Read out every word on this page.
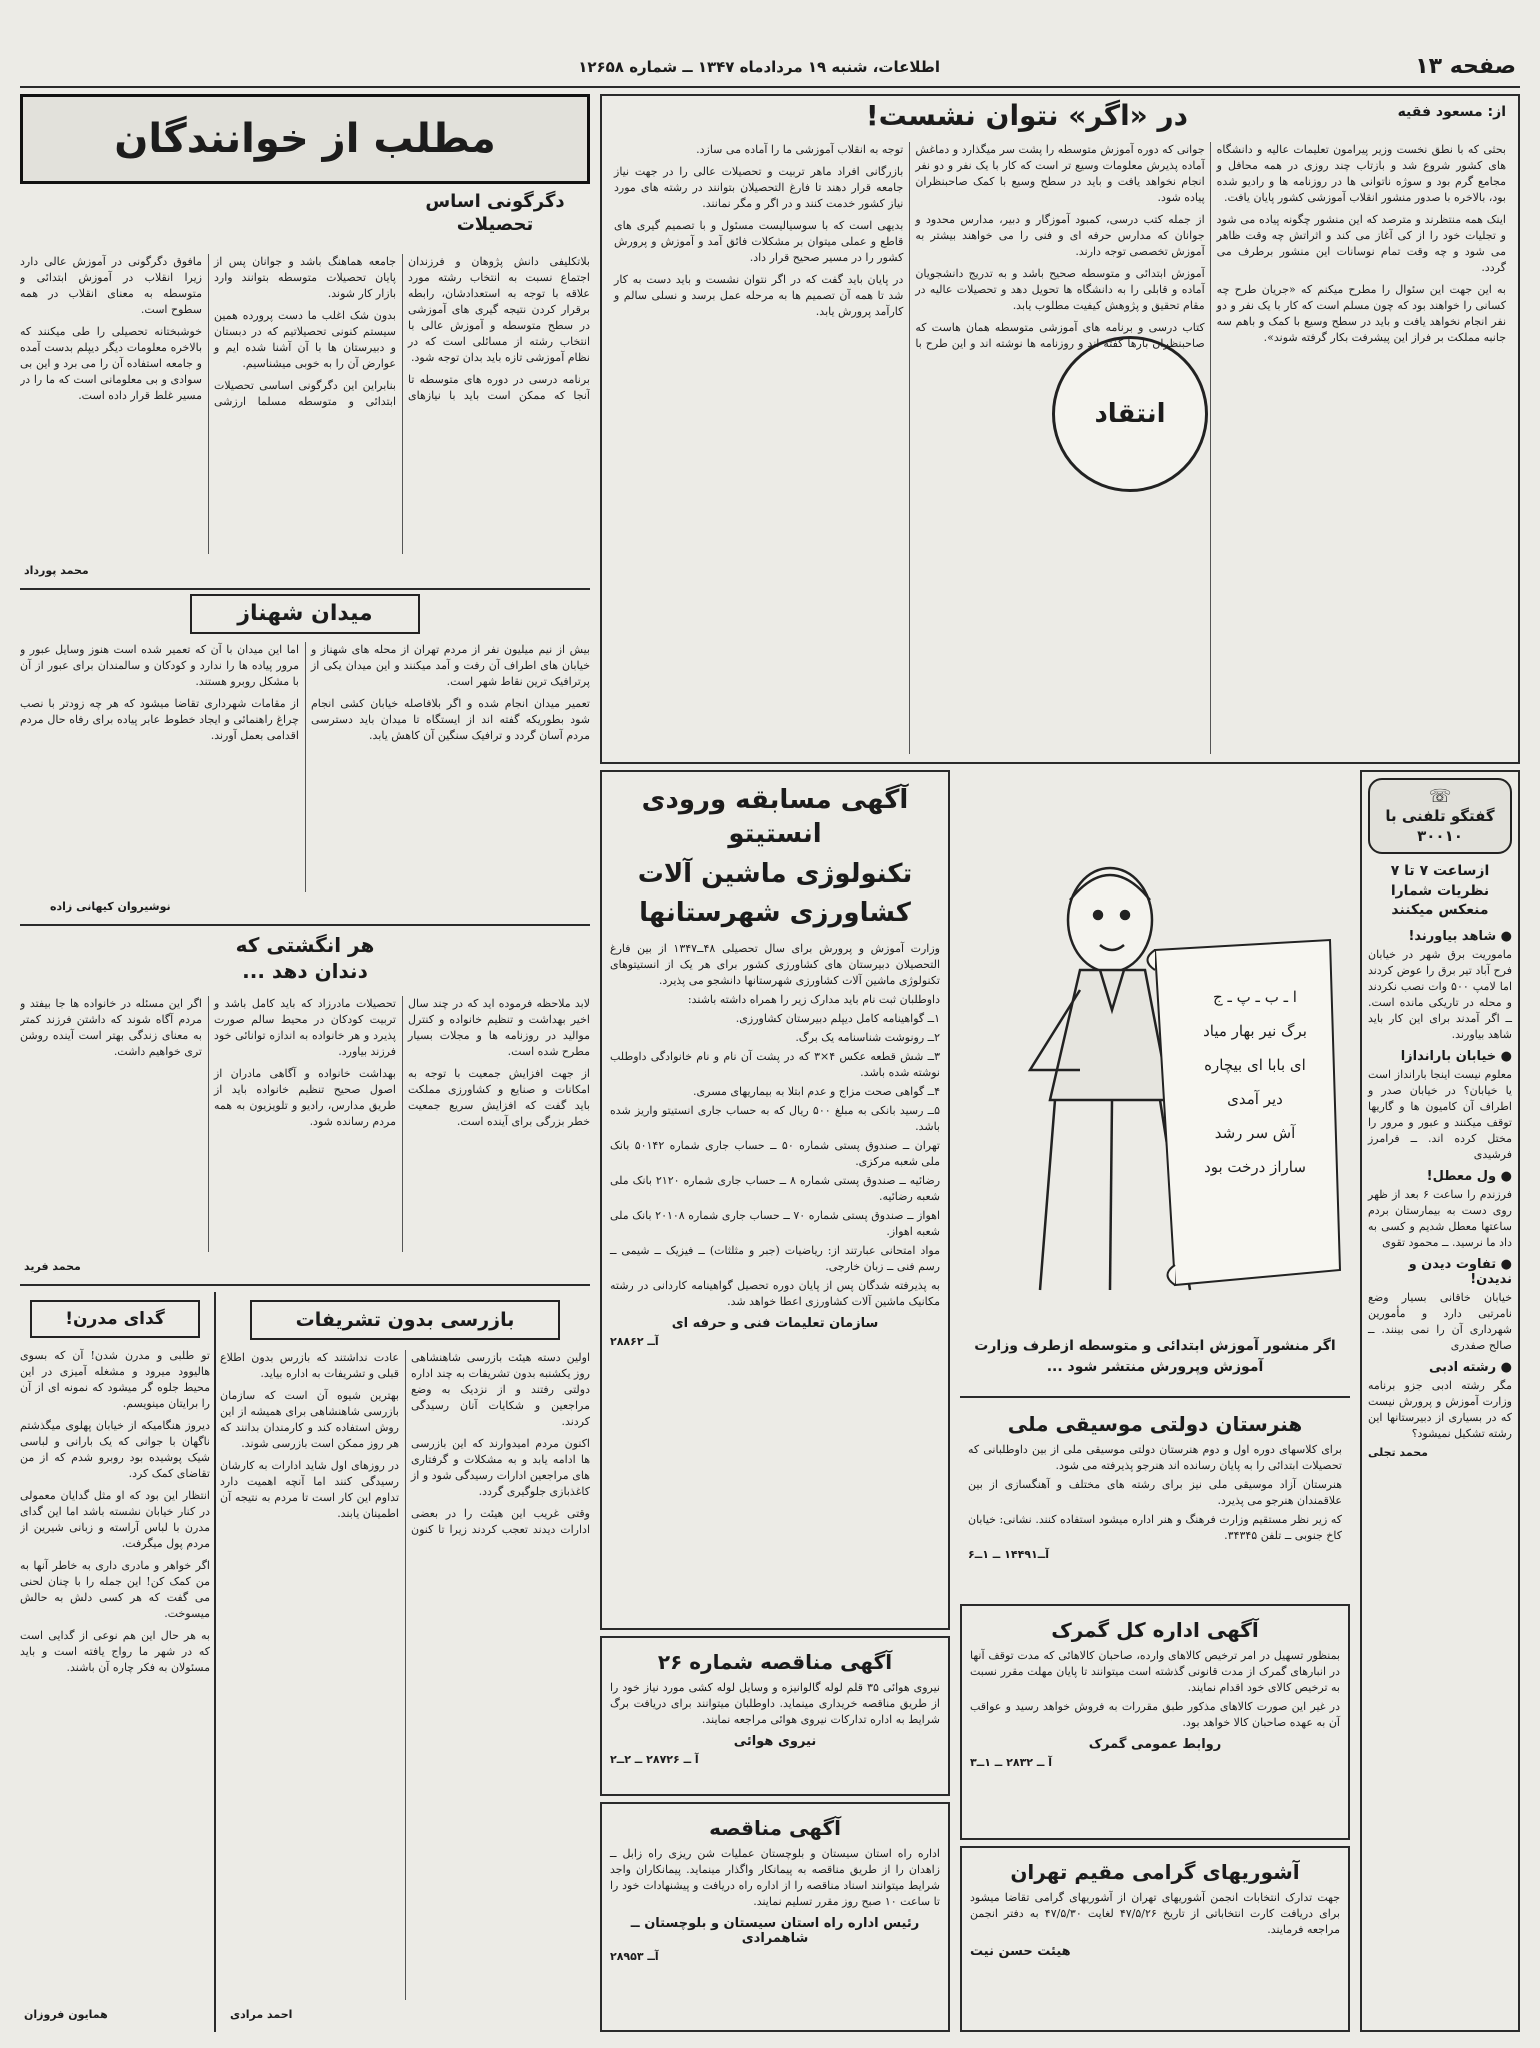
صفحه ۱۳
اطلاعات، شنبه ۱۹ مردادماه ۱۳۴۷ ــ شماره ۱۲۶۵۸
از: مسعود فقیه
در «اگر» نتوان نشست!
انتقاد

بحثی که با نطق نخست وزیر پیرامون تعلیمات عالیه و دانشگاه های کشور شروع شد و بازتاب چند روزی در همه محافل و مجامع گرم بود و سوژه ناتوانی ها در روزنامه ها و رادیو شده بود، بالاخره با صدور منشور انقلاب آموزشی کشور پایان یافت.

اینک همه منتظرند و مترصد که این منشور چگونه پیاده می شود و تجلیات خود را از کی آغاز می کند و اثراتش چه وقت ظاهر می شود و چه وقت تمام نوسانات این منشور برطرف می گردد.

به این جهت این سئوال را مطرح میکنم که «جریان طرح چه کسانی را خواهند بود که چون مسلم است که کار با یک نفر و دو نفر انجام نخواهد یافت و باید در سطح وسیع با کمک و باهم سه جانبه مملکت بر فراز این پیشرفت بکار گرفته شوند».

جوانی که دوره آموزش متوسطه را پشت سر میگذارد و دماغش آماده پذیرش معلومات وسیع تر است که کار با یک نفر و دو نفر انجام نخواهد یافت و باید در سطح وسیع با کمک صاحبنظران پیاده شود.

از جمله کتب درسی، کمبود آموزگار و دبیر، مدارس محدود و جوانان که مدارس حرفه ای و فنی را می خواهند بیشتر به آموزش تخصصی توجه دارند.

آموزش ابتدائی و متوسطه صحیح باشد و به تدریج دانشجویان آماده و قابلی را به دانشگاه ها تحویل دهد و تحصیلات عالیه در مقام تحقیق و پژوهش کیفیت مطلوب یابد.

کتاب درسی و برنامه های آموزشی متوسطه همان هاست که صاحبنظران بارها گفته اند و روزنامه ها نوشته اند و این طرح با توجه به انقلاب آموزشی ما را آماده می سازد.

بازرگانی افراد ماهر تربیت و تحصیلات عالی را در جهت نیاز جامعه قرار دهند تا فارغ التحصیلان بتوانند در رشته های مورد نیاز کشور خدمت کنند و در اگر و مگر نمانند.

بدیهی است که با سوسیالیست مسئول و با تصمیم گیری های قاطع و عملی میتوان بر مشکلات فائق آمد و آموزش و پرورش کشور را در مسیر صحیح قرار داد.

در پایان باید گفت که در اگر نتوان نشست و باید دست به کار شد تا همه آن تصمیم ها به مرحله عمل برسد و نسلی سالم و کارآمد پرورش یابد.

مطلب از خوانندگان
دگرگونی اساس تحصیلات

بلاتکلیفی دانش پژوهان و فرزندان اجتماع نسبت به انتخاب رشته مورد علاقه با توجه به استعدادشان، رابطه برقرار کردن نتیجه گیری های آموزشی در سطح متوسطه و آموزش عالی با انتخاب رشته از مسائلی است که در نظام آموزشی تازه باید بدان توجه شود.

برنامه درسی در دوره های متوسطه تا آنجا که ممکن است باید با نیازهای جامعه هماهنگ باشد و جوانان پس از پایان تحصیلات متوسطه بتوانند وارد بازار کار شوند.

بدون شک اغلب ما دست پرورده همین سیستم کنونی تحصیلاتیم که در دبستان و دبیرستان ها با آن آشنا شده ایم و عوارض آن را به خوبی میشناسیم.

بنابراین این دگرگونی اساسی تحصیلات ابتدائی و متوسطه مسلما ارزشی مافوق دگرگونی در آموزش عالی دارد زیرا انقلاب در آموزش ابتدائی و متوسطه به معنای انقلاب در همه سطوح است.

خوشبختانه تحصیلی را طی میکنند که بالاخره معلومات دیگر دیپلم بدست آمده و جامعه استفاده آن را می برد و این بی سوادی و بی معلومانی است که ما را در مسیر غلط قرار داده است.

محمد پورداد
میدان شهناز

بیش از نیم میلیون نفر از مردم تهران از محله های شهناز و خیابان های اطراف آن رفت و آمد میکنند و این میدان یکی از پرترافیک ترین نقاط شهر است.

تعمیر میدان انجام شده و اگر بلافاصله خیابان کشی انجام شود بطوریکه گفته اند از ایستگاه تا میدان باید دسترسی مردم آسان گردد و ترافیک سنگین آن کاهش یابد.

اما این میدان با آن که تعمیر شده است هنوز وسایل عبور و مرور پیاده ها را ندارد و کودکان و سالمندان برای عبور از آن با مشکل روبرو هستند.

از مقامات شهرداری تقاضا میشود که هر چه زودتر با نصب چراغ راهنمائی و ایجاد خطوط عابر پیاده برای رفاه حال مردم اقدامی بعمل آورند.

نوشیروان کیهانی زاده
هر انگشتی که دندان دهد ...

لابد ملاحظه فرموده اید که در چند سال اخیر بهداشت و تنظیم خانواده و کنترل موالید در روزنامه ها و مجلات بسیار مطرح شده است.

از جهت افزایش جمعیت با توجه به امکانات و صنایع و کشاورزی مملکت باید گفت که افزایش سریع جمعیت خطر بزرگی برای آینده است.

تحصیلات مادرزاد که باید کامل باشد و تربیت کودکان در محیط سالم صورت پذیرد و هر خانواده به اندازه توانائی خود فرزند بیاورد.

بهداشت خانواده و آگاهی مادران از اصول صحیح تنظیم خانواده باید از طریق مدارس، رادیو و تلویزیون به همه مردم رسانده شود.

اگر این مسئله در خانواده ها جا بیفتد و مردم آگاه شوند که داشتن فرزند کمتر به معنای زندگی بهتر است آینده روشن تری خواهیم داشت.

محمد فرید
بازرسی بدون تشریفات

اولین دسته هیئت بازرسی شاهنشاهی روز یکشنبه بدون تشریفات به چند اداره دولتی رفتند و از نزدیک به وضع مراجعین و شکایات آنان رسیدگی کردند.

اکنون مردم امیدوارند که این بازرسی ها ادامه یابد و به مشکلات و گرفتاری های مراجعین ادارات رسیدگی شود و از کاغذبازی جلوگیری گردد.

وقتی غریب این هیئت را در بعضی ادارات دیدند تعجب کردند زیرا تا کنون عادت نداشتند که بازرس بدون اطلاع قبلی و تشریفات به اداره بیاید.

بهترین شیوه آن است که سازمان بازرسی شاهنشاهی برای همیشه از این روش استفاده کند و کارمندان بدانند که هر روز ممکن است بازرسی شوند.

در روزهای اول شاید ادارات به کارشان رسیدگی کنند اما آنچه اهمیت دارد تداوم این کار است تا مردم به نتیجه آن اطمینان یابند.

احمد مرادی
گدای مدرن!

تو طلبی و مدرن شدن! آن که بسوی هالیوود میرود و مشغله آمیزی در این محیط جلوه گر میشود که نمونه ای از آن را برایتان مینویسم.

دیروز هنگامیکه از خیابان پهلوی میگذشتم ناگهان با جوانی که یک بارانی و لباسی شیک پوشیده بود روبرو شدم که از من تقاضای کمک کرد.

انتظار این بود که او مثل گدایان معمولی در کنار خیابان نشسته باشد اما این گدای مدرن با لباس آراسته و زبانی شیرین از مردم پول میگرفت.

اگر خواهر و مادری داری به خاطر آنها به من کمک کن! این جمله را با چنان لحنی می گفت که هر کسی دلش به حالش میسوخت.

به هر حال این هم نوعی از گدایی است که در شهر ما رواج یافته است و باید مسئولان به فکر چاره آن باشند.

همایون فروزان
آگهی مسابقه ورودی انستیتو
تکنولوژی ماشین آلات
کشاورزی شهرستانها

وزارت آموزش و پرورش برای سال تحصیلی ۴۸ــ۱۳۴۷ از بین فارغ التحصیلان دبیرستان های کشاورزی کشور برای هر یک از انستیتوهای تکنولوژی ماشین آلات کشاورزی شهرستانها دانشجو می پذیرد.

داوطلبان ثبت نام باید مدارک زیر را همراه داشته باشند:

۱ــ گواهینامه کامل دیپلم دبیرستان کشاورزی.

۲ــ رونوشت شناسنامه یک برگ.

۳ــ شش قطعه عکس ۴×۳ که در پشت آن نام و نام خانوادگی داوطلب نوشته شده باشد.

۴ــ گواهی صحت مزاج و عدم ابتلا به بیماریهای مسری.

۵ــ رسید بانکی به مبلغ ۵۰۰ ریال که به حساب جاری انستیتو واریز شده باشد.

تهران ــ صندوق پستی شماره ۵۰ ــ حساب جاری شماره ۵۰۱۴۲ بانک ملی شعبه مرکزی.

رضائیه ــ صندوق پستی شماره ۸ ــ حساب جاری شماره ۲۱۲۰ بانک ملی شعبه رضائیه.

اهواز ــ صندوق پستی شماره ۷۰ ــ حساب جاری شماره ۲۰۱۰۸ بانک ملی شعبه اهواز.

مواد امتحانی عبارتند از: ریاضیات (جبر و مثلثات) ــ فیزیک ــ شیمی ــ رسم فنی ــ زبان خارجی.

به پذیرفته شدگان پس از پایان دوره تحصیل گواهینامه کاردانی در رشته مکانیک ماشین آلات کشاورزی اعطا خواهد شد.

سازمان تعلیمات فنی و حرفه ای
آــ ۲۸۸۶۲
آگهی مناقصه شماره ۲۶

نیروی هوائی ۳۵ قلم لوله گالوانیزه و وسایل لوله کشی مورد نیاز خود را از طریق مناقصه خریداری مینماید. داوطلبان میتوانند برای دریافت برگ شرایط به اداره تدارکات نیروی هوائی مراجعه نمایند.

نیروی هوائی
آ ــ ۲۸۷۲۶ ــ ۲ــ۲
آگهی مناقصه

اداره راه استان سیستان و بلوچستان عملیات شن ریزی راه زابل ــ زاهدان را از طریق مناقصه به پیمانکار واگذار مینماید. پیمانکاران واجد شرایط میتوانند اسناد مناقصه را از اداره راه دریافت و پیشنهادات خود را تا ساعت ۱۰ صبح روز مقرر تسلیم نمایند.

رئیس اداره راه استان سیستان و بلوچستان ــ شاهمرادی
آــ ۲۸۹۵۳
ا ـ ب ـ پ ـ ج
برگ نیر بهار میاد
ای بابا ای بیچاره
دیر آمدی
آش سر رشد
ساراز درخت بود
اگر منشور آموزش ابتدائی و متوسطه ازطرف وزارت آموزش وپرورش منتشر شود ...
هنرستان دولتی موسیقی ملی

برای کلاسهای دوره اول و دوم هنرستان دولتی موسیقی ملی از بین داوطلبانی که تحصیلات ابتدائی را به پایان رسانده اند هنرجو پذیرفته می شود.

هنرستان آزاد موسیقی ملی نیز برای رشته های مختلف و آهنگسازی از بین علاقمندان هنرجو می پذیرد.

که زیر نظر مستقیم وزارت فرهنگ و هنر اداره میشود استفاده کنند. نشانی: خیابان کاخ جنوبی ــ تلفن ۳۴۳۴۵.

آــ۱۴۴۹۱ ــ ۱ــ۶
آگهی اداره کل گمرک

بمنظور تسهیل در امر ترخیص کالاهای وارده، صاحبان کالاهائی که مدت توقف آنها در انبارهای گمرک از مدت قانونی گذشته است میتوانند تا پایان مهلت مقرر نسبت به ترخیص کالای خود اقدام نمایند.

در غیر این صورت کالاهای مذکور طبق مقررات به فروش خواهد رسید و عواقب آن به عهده صاحبان کالا خواهد بود.

روابط عمومی گمرک
آ ــ ۲۸۳۲ ــ ۱ــ۳
آشوریهای گرامی مقیم تهران

جهت تدارک انتخابات انجمن آشوریهای تهران از آشوریهای گرامی تقاضا میشود برای دریافت کارت انتخاباتی از تاریخ ۴۷/۵/۲۶ لغایت ۴۷/۵/۳۰ به دفتر انجمن مراجعه فرمایند.

هیئت حسن نیت
☏
گفتگو تلفنی با ۳۰۰۱۰
ازساعت ۷ تا ۷ نظریات شمارا منعکس میکنند
● شاهد بیاورند!

ماموریت برق شهر در خیابان فرح آباد تیر برق را عوض کردند اما لامپ ۵۰۰ وات نصب نکردند و محله در تاریکی مانده است. ــ اگر آمدند برای این کار باید شاهد بیاورند.

● خیابان باراندازا

معلوم نیست اینجا بارانداز است یا خیابان؟ در خیابان صدر و اطراف آن کامیون ها و گاریها توقف میکنند و عبور و مرور را مختل کرده اند. ــ فرامرز فرشیدی

● ول معطل!

فرزندم را ساعت ۶ بعد از ظهر روی دست به بیمارستان بردم ساعتها معطل شدیم و کسی به داد ما نرسید. ــ محمود تقوی

● تفاوت دیدن و ندیدن!

خیابان خاقانی بسیار وضع نامرتبی دارد و مأمورین شهرداری آن را نمی بینند. ــ صالح صفدری

● رشته ادبی

مگر رشته ادبی جزو برنامه وزارت آموزش و پرورش نیست که در بسیاری از دبیرستانها این رشته تشکیل نمیشود؟

محمد تجلی
